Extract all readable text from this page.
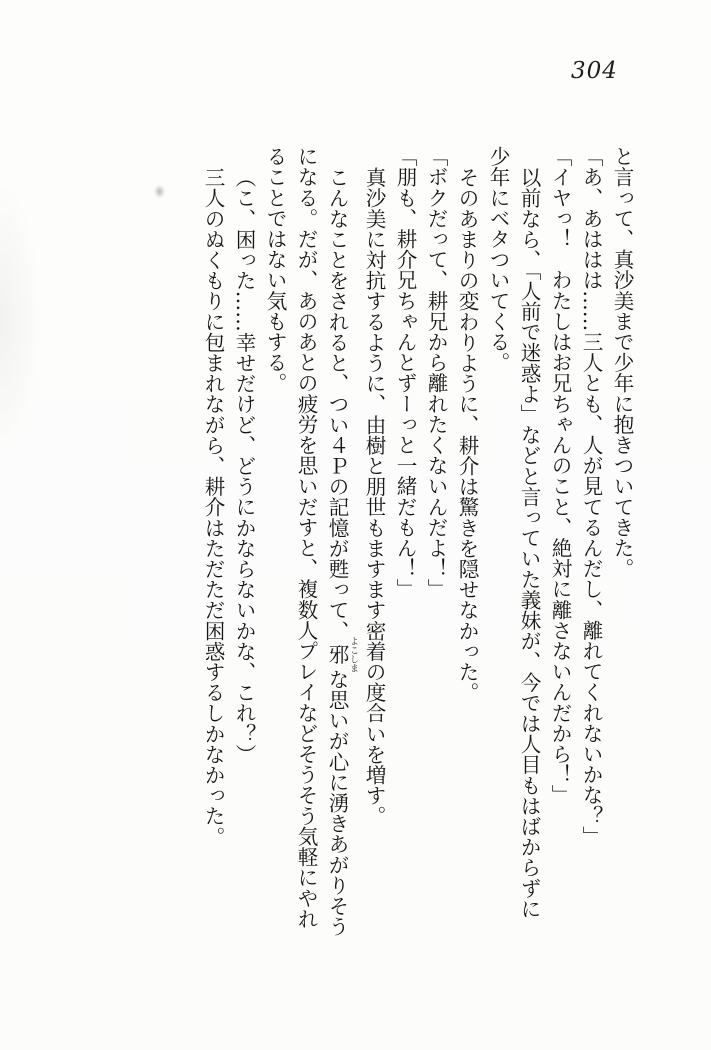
304

と言って、真沙美まで少年に抱きついてきた。

「あ、あははは……三人とも、人が見てるんだし、離れてくれないかな？」

「イヤっ！　わたしはお兄ちゃんのこと、絶対に離さないんだから！」

以前なら、「人前で迷惑よ」などと言っていた義妹が、今では人目もはばからずに

少年にベタついてくる。

そのあまりの変わりように、耕介は驚きを隠せなかった。

「ボクだって、耕兄から離れたくないんだよ！」

「朋も、耕介兄ちゃんとずーっと一緒だもん！」

真沙美に対抗するように、由樹と朋世もますます密着の度合いを増す。

こんなことをされると、つい４Ｐの記憶が甦って、邪 よこしまな思いが心に湧きあがりそう

になる。だが、あのあとの疲労を思いだすと、複数人プレイなどそうそう気軽にやれ

ることではない気もする。

（こ、困った……幸せだけど、どうにかならないかな、これ？）

三人のぬくもりに包まれながら、耕介はただただ困惑するしかなかった。
